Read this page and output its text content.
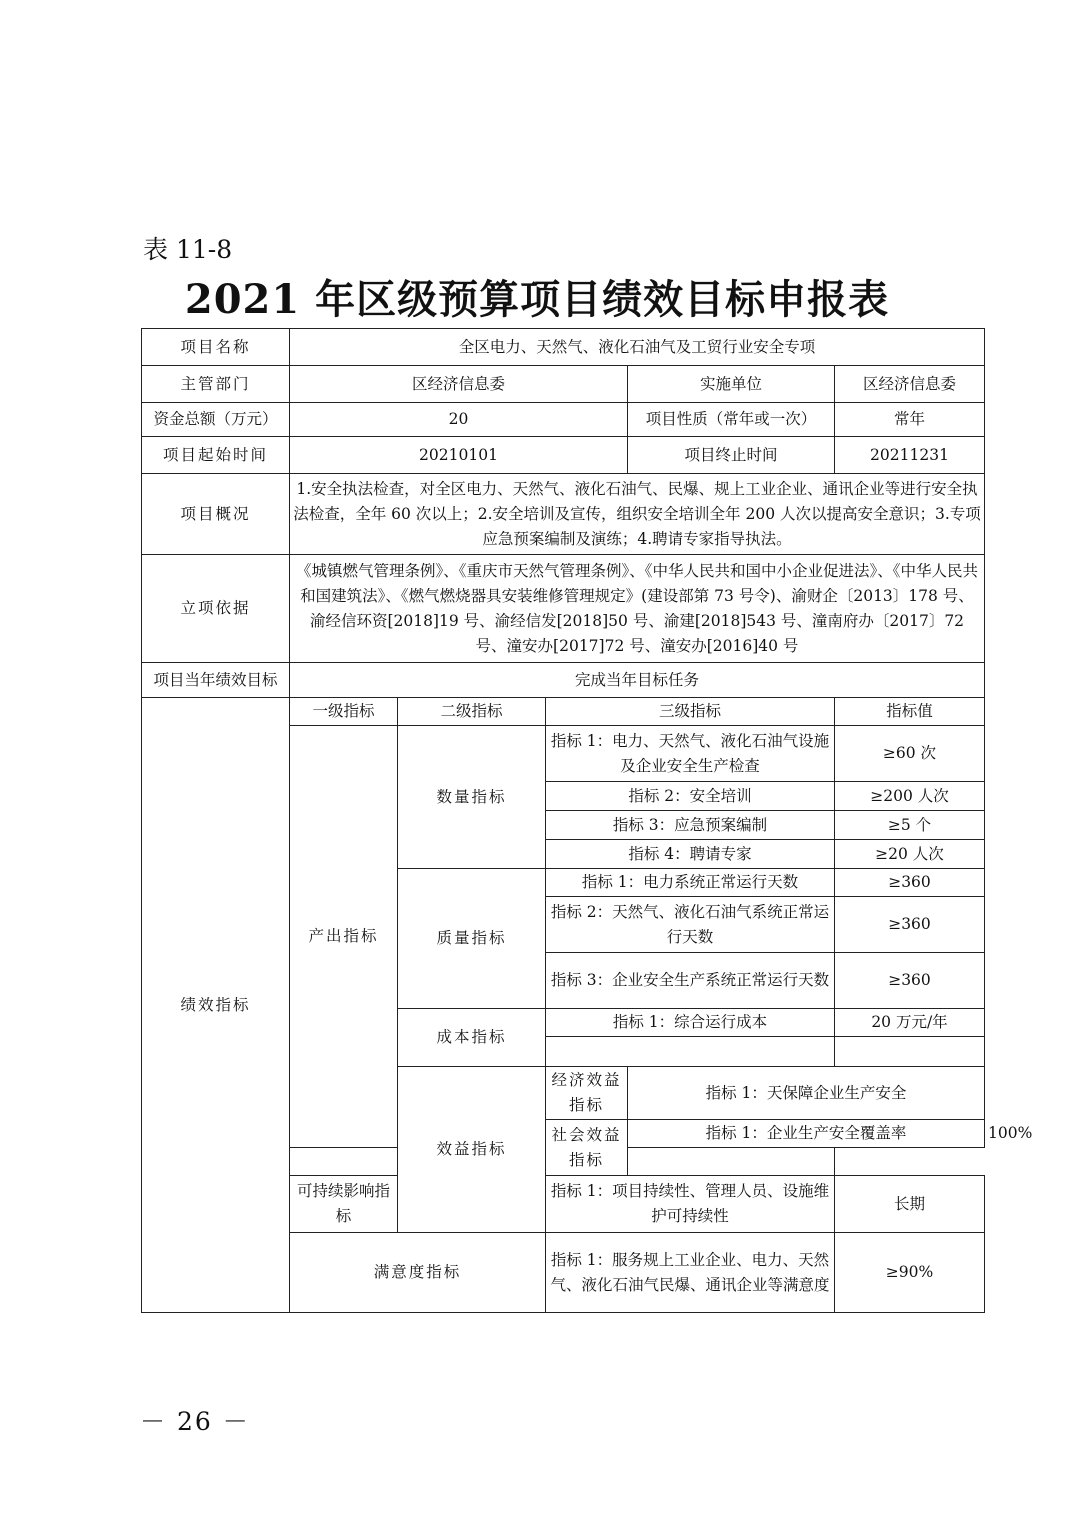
表 11-8
2021 年区级预算项目绩效目标申报表
项目名称	全区电力、天然气、液化石油气及工贸行业安全专项					
主管部门	区经济信息委			实施单位	区经济信息委	
资金总额（万元）	20			项目性质（常年或一次）	常年	
项目起始时间	20210101			项目终止时间	20211231	
项目概况	1.安全执法检查，对全区电力、天然气、液化石油气、民爆、规上工业企业、通讯企业等进行安全执法检查，全年 60 次以上；2.安全培训及宣传，组织安全培训全年 200 人次以提高安全意识；3.专项应急预案编制及演练；4.聘请专家指导执法。					
立项依据	《城镇燃气管理条例》、《重庆市天然气管理条例》、《中华人民共和国中小企业促进法》、《中华人民共和国建筑法》、《燃气燃烧器具安装维修管理规定》(建设部第 73 号令)、渝财企〔2013〕178 号、渝经信环资[2018]19 号、渝经信发[2018]50 号、渝建[2018]543 号、潼南府办〔2017〕72 号、潼安办[2017]72 号、潼安办[2016]40 号					
项目当年绩效目标	完成当年目标任务					
绩效指标	一级指标	二级指标	三级指标		指标值	
	产出指标	数量指标	指标 1：电力、天然气、液化石油气设施及企业安全生产检查		≥60 次	
			指标 2：安全培训		≥200 人次	
			指标 3：应急预案编制		≥5 个	
			指标 4：聘请专家		≥20 人次	
		质量指标	指标 1：电力系统正常运行天数		≥360	
			指标 2：天然气、液化石油气系统正常运行天数		≥360	
			指标 3：企业安全生产系统正常运行天数		≥360	
		成本指标	指标 1：综合运行成本		20 万元/年	

		效益指标	经济效益指标	指标 1：天保障企业生产安全		
			社会效益指标	指标 1：企业生产安全覆盖率		100%

	可持续影响指标		指标 1：项目持续性、管理人员、设施维护可持续性		长期	
	满意度指标		指标 1：服务规上工业企业、电力、天然气、液化石油气民爆、通讯企业等满意度		≥90%	
－ 26 －
